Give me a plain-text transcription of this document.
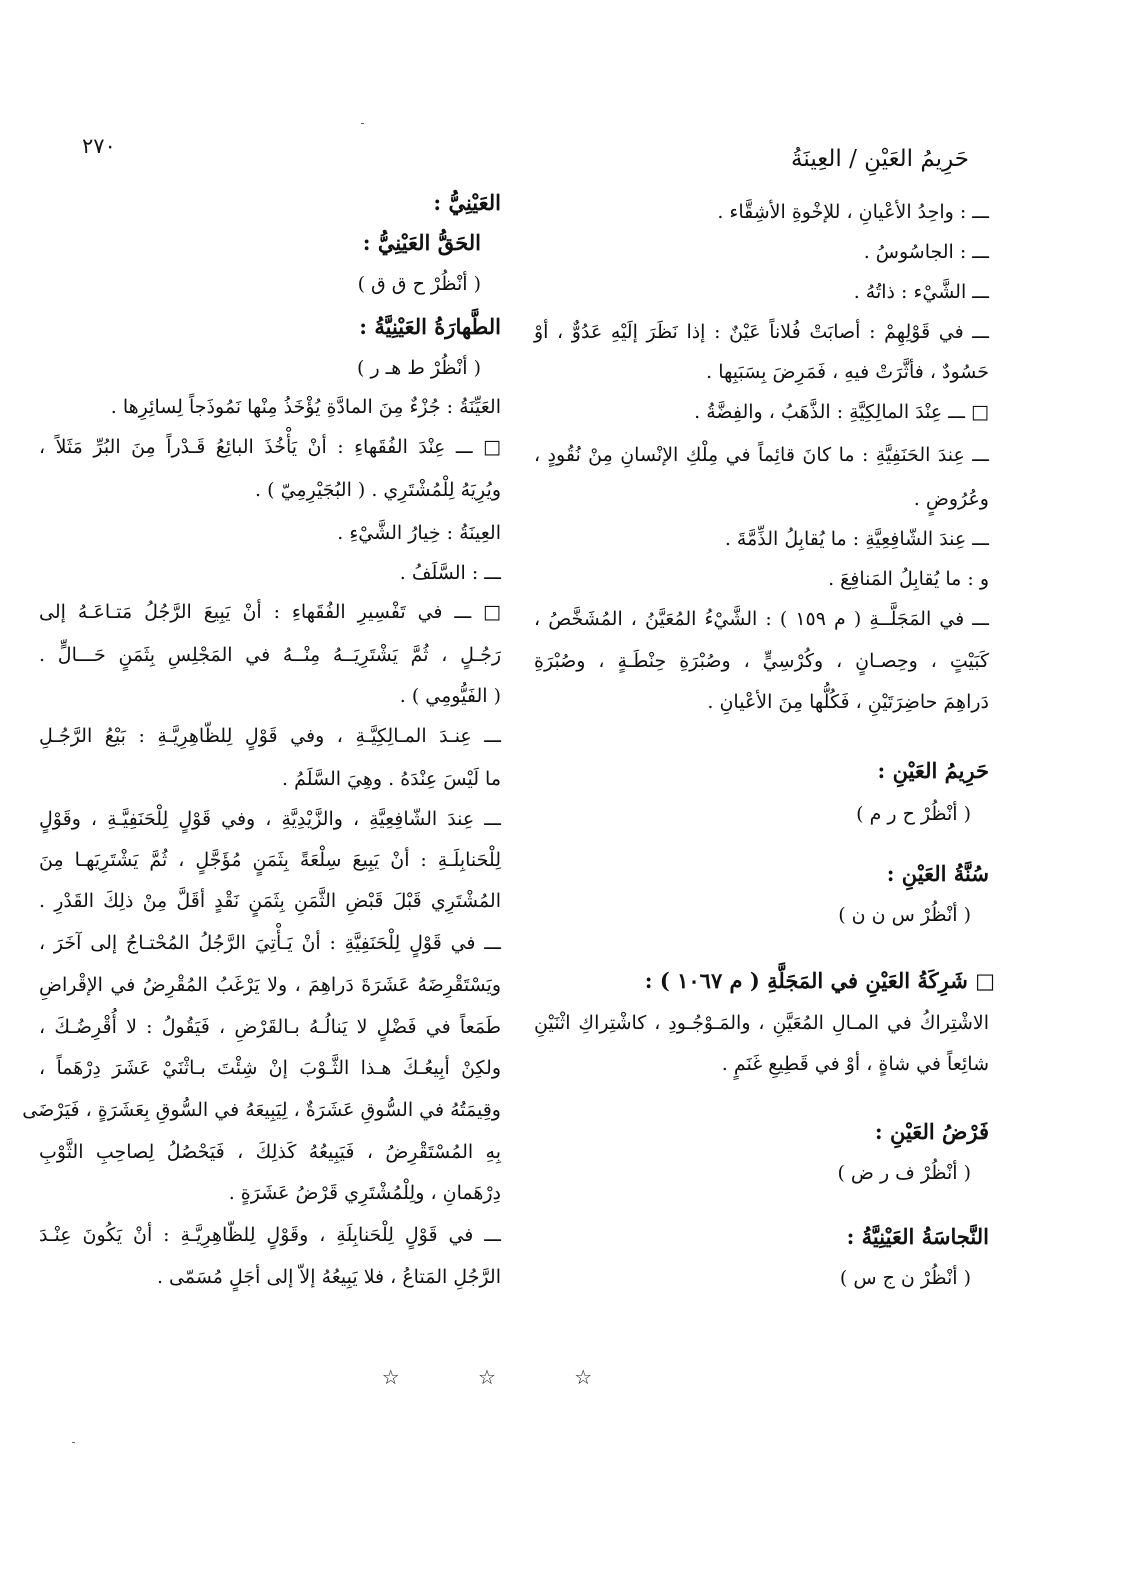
٢٧٠	حَرِيمُ العَيْنِ / العِينَةُ
ـــ : واحِدُ الأعْيانِ ، للإخْوةِ الأشِقَّاء .
ـــ : الجاسُوسُ .
ـــ الشَّيْء : ذاتُهُ .
ـــ في قَوْلِهِمْ : أصابَتْ فُلاناً عَيْنٌ : إذا نَظَرَ إلَيْهِ عَدُوٌّ ، أوْ
حَسُودٌ ، فأثَّرَتْ فيهِ ، فَمَرِضَ بِسَبَبِها .
□ ـــ عِنْدَ المالِكِيَّةِ : الذَّهَبُ ، والفِضَّةُ .
ـــ عِندَ الحَنَفِيَّةِ : ما كانَ قائِماً في مِلْكِ الإنْسانِ مِنْ نُقُودٍ ،
وعُرُوضٍ .
ـــ عِندَ الشّافِعِيَّةِ : ما يُقابِلُ الذِّمَّةَ .
و : ما يُقابِلُ المَنافِعَ .
ـــ في المَجَلَّــةِ ( م ١٥٩ ) : الشَّيْءُ المُعَيَّنُ ، المُشَخَّصُ ،
كَبَيْتٍ ، وحِصـانٍ ، وكُرْسِيٍّ ، وصُبْرَةِ حِنْطَـةٍ ، وصُبْرَةِ
دَراهِمَ حاضِرَتَيْنِ ، فَكُلُّها مِنَ الأعْيانِ .
حَرِيمُ العَيْنِ :
( أنْظُرْ ح ر م )
سُنَّةُ العَيْنِ :
( أنْظُرْ س ن ن )
□ شَرِكَةُ العَيْنِ في المَجَلَّةِ ( م ١٠٦٧ ) :
الاشْتِراكُ في المـالِ المُعَيَّنِ ، والمَـوْجُـودِ ، كاشْتِراكِ اثْنَيْنِ
شائِعاً في شاةٍ ، أوْ في قَطِيعِ غَنَمٍ .
فَرْضُ العَيْنِ :
( أنْظُرْ ف ر ض )
النَّجاسَةُ العَيْنِيَّةُ :
( أنْظُرْ ن ج س )
العَيْنِيُّ :
الحَقُّ العَيْنِيُّ :
( أنْظُرْ ح ق ق )
الطَّهارَةُ العَيْنِيَّةُ :
( أنْظُرْ ط هـ ر )
العَيِّنَةُ : جُزْءٌ مِنَ المادَّةِ يُؤْخَذُ مِنْها نَمُوذَجاً لِسائِرِها .
□ ـــ عِنْدَ الفُقَهاءِ : أنْ يَأْخُذَ البائِعُ قَـدْراً مِنَ البُرِّ مَثَلاً ،
ويُرِيَهُ لِلْمُشْتَرِي . ( البُجَيْرِمِيّ ) .
العِينَةُ : خِيارُ الشَّيْءِ .
ـــ : السَّلَفُ .
□ ـــ في تَفْسِيرِ الفُقَهاءِ : أنْ يَبِيعَ الرَّجُلُ مَتـاعَـهُ إلى
رَجُـلٍ ، ثُمَّ يَشْتَرِيَــهُ مِنْــهُ في المَجْلِسِ بِثَمَنٍ حَـــالٍّ .
( الفَيُّومِي ) .
ـــ عِنـدَ المـالِكِيَّـةِ ، وفي قَوْلٍ لِلظّاهِرِيَّـةِ : بَيْعُ الرَّجُـلِ
ما لَيْسَ عِنْدَهُ . وهِيَ السَّلَمُ .
ـــ عِندَ الشّافِعِيَّةِ ، والزَّيْدِيَّةِ ، وفي قَوْلٍ لِلْحَنَفِيَّـةِ ، وقَوْلٍ
لِلْحَنابِلَـةِ : أنْ يَبِيعَ سِلْعَةً بِثَمَنٍ مُؤَجَّلٍ ، ثُمَّ يَشْتَرِيَهـا مِنَ
المُشْتَرِي قَبْلَ قَبْضِ الثَّمَنِ بِثَمَنٍ نَقْدٍ أقَلَّ مِنْ ذلِكَ القَدْرِ .
ـــ في قَوْلٍ لِلْحَنَفِيَّةِ : أنْ يَـأْتِيَ الرَّجُلُ المُحْتـاجُ إلى آخَرَ ،
ويَسْتَقْرِضَهُ عَشَرَةَ دَراهِمَ ، ولا يَرْغَبُ المُقْرِضُ في الإقْراضِ
طَمَعاً في فَضْلٍ لا يَنالُـهُ بـالقَرْضِ ، فَيَقُولُ : لا أُقْرِضُـكَ ،
ولكِنْ أبِيعُـكَ هـذا الثَّـوْبَ إنْ شِئْتَ بـاثْنَيْ عَشَرَ دِرْهَماً ،
وقِيمَتُهُ في السُّوقِ عَشَرَةٌ ، لِيَبِيعَهُ في السُّوقِ بِعَشَرَةٍ ، فَيَرْضَى
بِهِ المُسْتَقْرِضُ ، فَيَبِيعُهُ كَذلِكَ ، فَيَحْصُلُ لِصاحِبِ الثَّوْبِ
دِرْهَمانِ ، ولِلْمُشْتَرِي قَرْضُ عَشَرَةٍ .
ـــ في قَوْلٍ لِلْحَنابِلَةِ ، وقَوْلٍ لِلظّاهِرِيَّـةِ : أنْ يَكُونَ عِنْـدَ
الرَّجُلِ المَتاعُ ، فلا يَبِيعُهُ إلاّ إلى أجَلٍ مُسَمّى .
☆ ☆ ☆
